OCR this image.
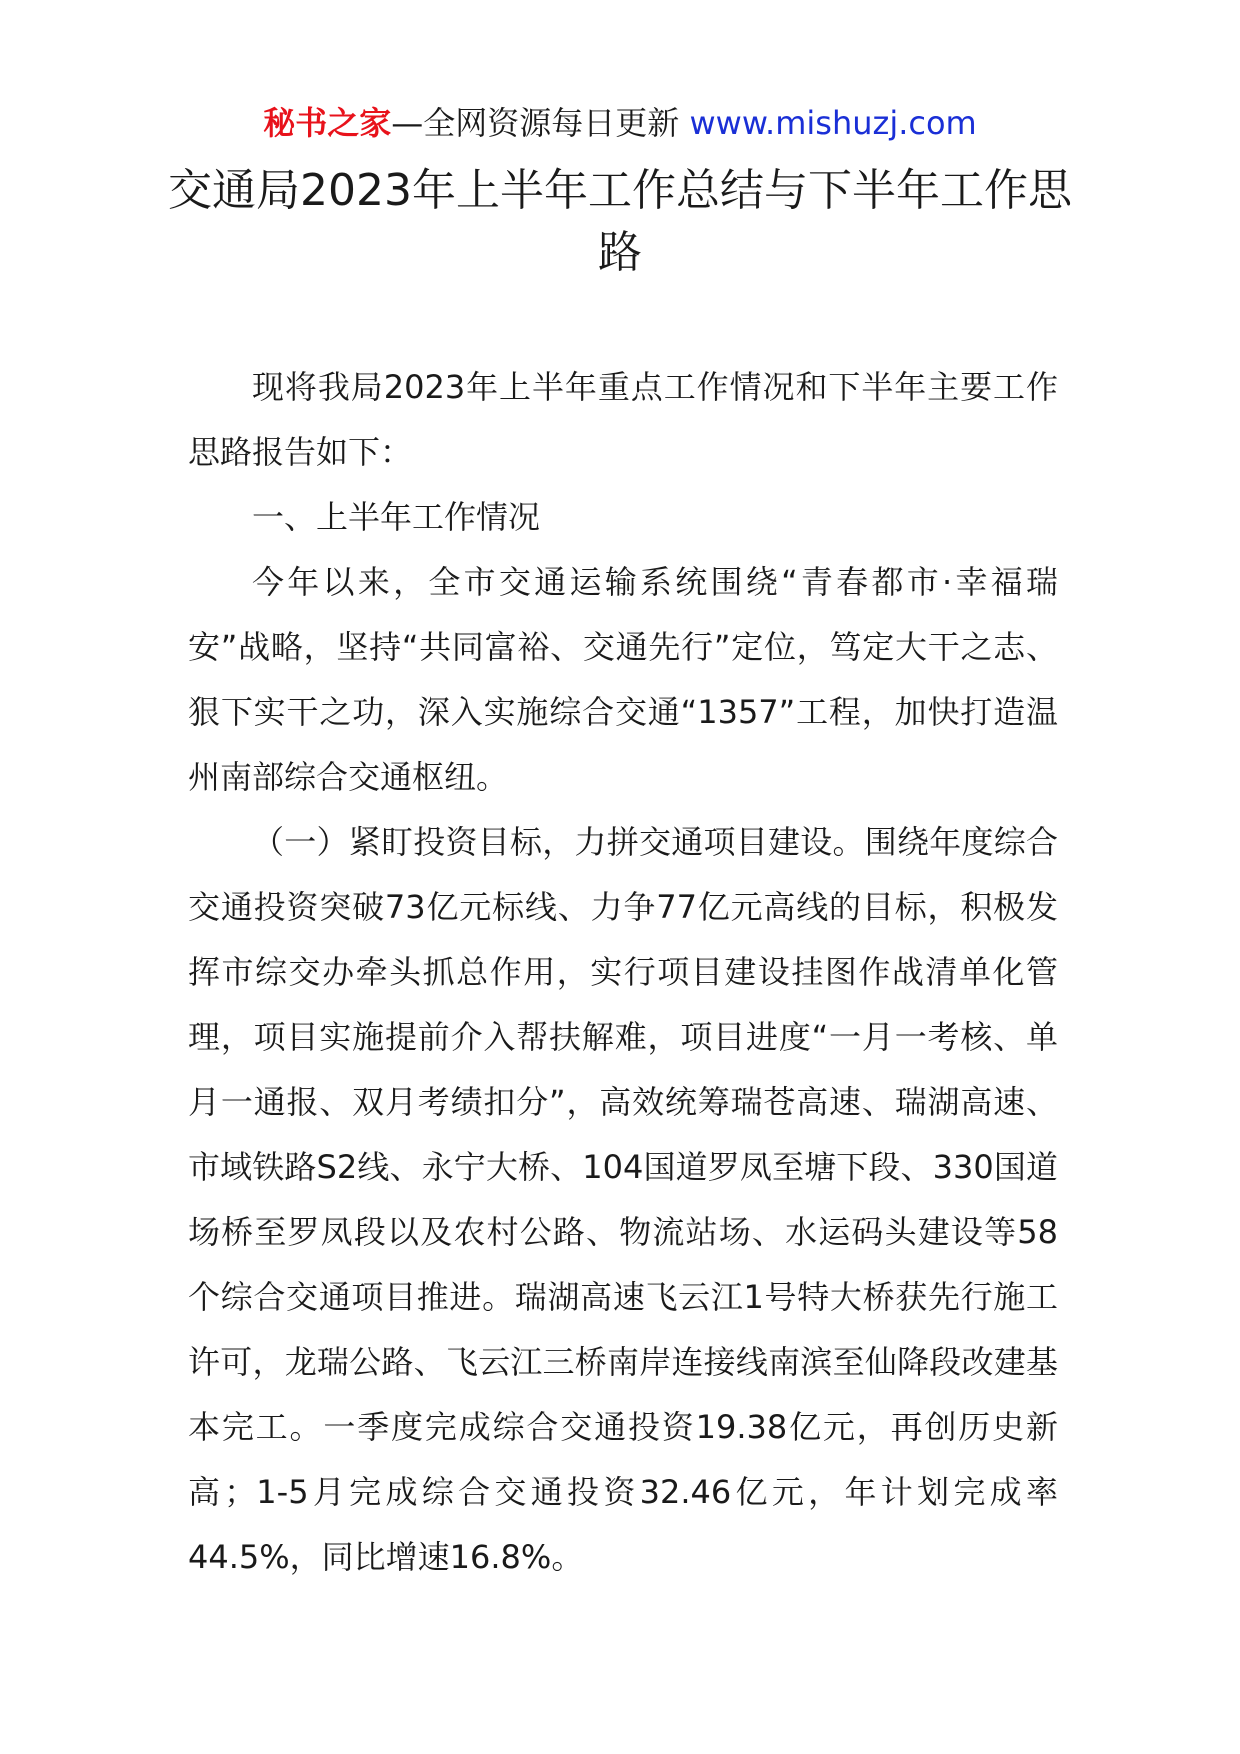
秘书之家—全网资源每日更新 www.mishuzj.com
交通局2023年上半年工作总结与下半年工作思路

现将我局2023年上半年重点工作情况和下半年主要工作思路报告如下：

一、上半年工作情况

今年以来，全市交通运输系统围绕“青春都市·幸福瑞安”战略，坚持“共同富裕、交通先行”定位，笃定大干之志、狠下实干之功，深入实施综合交通“1357”工程，加快打造温州南部综合交通枢纽。

（一）紧盯投资目标，力拼交通项目建设。围绕年度综合交通投资突破73亿元标线、力争77亿元高线的目标，积极发挥市综交办牵头抓总作用，实行项目建设挂图作战清单化管理，项目实施提前介入帮扶解难，项目进度“一月一考核、单月一通报、双月考绩扣分”，高效统筹瑞苍高速、瑞湖高速、市域铁路S2线、永宁大桥、104国道罗凤至塘下段、330国道场桥至罗凤段以及农村公路、物流站场、水运码头建设等58个综合交通项目推进。瑞湖高速飞云江1号特大桥获先行施工许可，龙瑞公路、飞云江三桥南岸连接线南滨至仙降段改建基本完工。一季度完成综合交通投资19.38亿元，再创历史新高；1-5月完成综合交通投资32.46亿元，年计划完成率44.5%，同比增速16.8%。
